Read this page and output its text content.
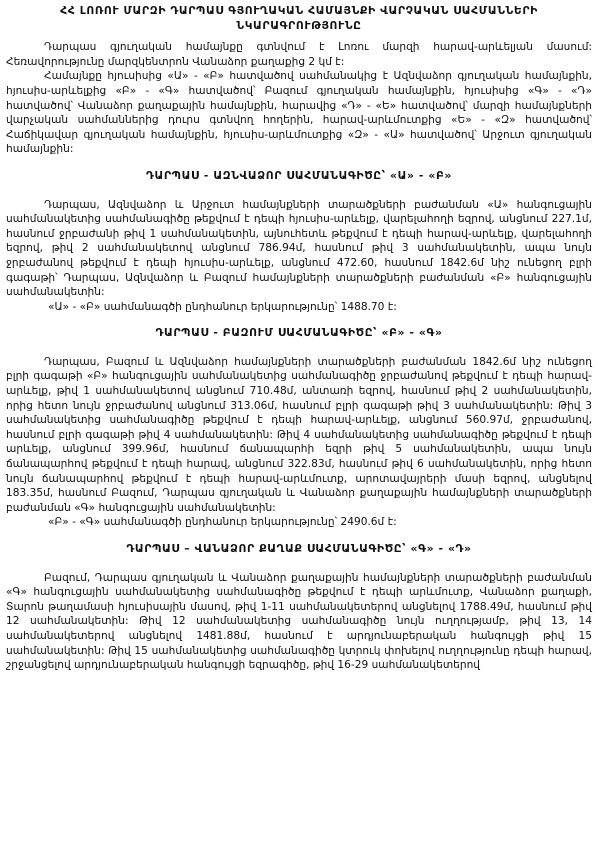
ՀՀ ԼՈՌՈՒ ՄԱՐԶԻ ԴԱՐՊԱՍ ԳՅՈՒՂԱԿԱՆ ՀԱՄԱՅՆՔԻ ՎԱՐՉԱԿԱՆ ՍԱՀՄԱՆՆԵՐԻ

ՆԿԱՐԱԳՐՈՒԹՅՈՒՆԸ

Դարպաս գյուղական համայնքը գտնվում է Լոռու մարզի հարավ-արևելյան մասում: Հեռավորությունը մարզկենտրոն Վանաձոր քաղաքից 2 կմ է:

Համայնքը հյուսիսից «Ա» - «Բ» հատվածով սահմանակից է Ազնվաձոր գյուղական համայնքին, հյուսիս-արևելքից «Բ» - «Գ» հատվածով՝ Բազում գյուղական համայնքին, հյուսիսից «Գ» - «Դ» հատվածով՝ Վանաձոր քաղաքային համայնքին, հարավից «Դ» - «Ե» հատվածով՝ մարզի համայնքների վարչական սահմաններից դուրս գտնվող հողերին, հարավ-արևմուտքից «Ե» - «Զ» հատվածով՝ Հաճիկավար գյուղական համայնքին, հյուսիս-արևմուտքից «Զ» - «Ա» հատվածով՝ Արջուտ գյուղական համայնքին:

ԴԱՐՊԱՍ - ԱԶՆՎԱՁՈՐ ՍԱՀՄԱՆԱԳԻԾԸ՝ «Ա» - «Բ»

Դարպաս, Ազնվաձոր և Արջուտ համայնքների տարածքների բաժանման «Ա» հանգուցային սահմանակետից սահմանագիծը թեքվում է դեպի հյուսիս-արևելք, վարելահողի եզրով, անցնում 227.1մ, հասնում ջրբաժանի թիվ 1 սահմանակետին, այնուհետև թեքվում է դեպի հարավ-արևելք, վարելահողի եզրով, թիվ 2 սահմանակետով անցնում 786.94մ, հասնում թիվ 3 սահմանակետին, ապա նույն ջրբաժանով թեքվում է դեպի հյուսիս-արևելք, անցնում 472.60, հասնում 1842.6մ նիշ ունեցող բլրի գագաթի՝ Դարպաս, Ազնվաձոր և Բազում համայնքների տարածքների բաժանման «Բ» հանգուցային սահմանակետին:

«Ա» - «Բ» սահմանագծի ընդհանուր երկարությունը՝ 1488.70 է:

ԴԱՐՊԱՍ - ԲԱԶՈՒՄ ՍԱՀՄԱՆԱԳԻԾԸ՝ «Բ» - «Գ»

Դարպաս, Բազում և Ազնվաձոր համայնքների տարածքների բաժանման 1842.6մ նիշ ունեցող բլրի գագաթի «Բ» հանգուցային սահմանակետից սահմանագիծը ջրբաժանով թեքվում է դեպի հարավ-արևելք, թիվ 1 սահմանակետով անցնում 710.48մ, անտառի եզրով, հասնում թիվ 2 սահմանակետին, որից հետո նույն ջրբաժանով անցնում 313.06մ, հասնում բլրի գագաթի թիվ 3 սահմանակետին: Թիվ 3 սահմանակետից սահմանագիծը թեքվում է դեպի հարավ-արևելք, անցնում 560.97մ, ջրբաժանով, հասնում բլրի գագաթի թիվ 4 սահմանակետին: Թիվ 4 սահմանակետից սահմանագիծը թեքվում է դեպի արևելք, անցնում 399.96մ, հասնում ճանապարհի եզրի թիվ 5 սահմանակետին, ապա նույն ճանապարհով թեքվում է դեպի հարավ, անցնում 322.83մ, հասնում թիվ 6 սահմանակետին, որից հետո նույն ճանապարհով թեքվում է դեպի հարավ-արևմուտք, արոտավայրերի մասի եզրով, անցնելով 183.35մ, հասնում Բազում, Դարպաս գյուղական և Վանաձոր քաղաքային համայնքների տարածքների բաժանման «Գ» հանգուցային սահմանակետին:

«Բ» - «Գ» սահմանագծի ընդհանուր երկարությունը՝ 2490.6մ է:

ԴԱՐՊԱՍ – ՎԱՆԱՁՈՐ ՔԱՂԱՔ ՍԱՀՄԱՆԱԳԻԾԸ՝ «Գ» - «Դ»

Բազում, Դարպաս գյուղական և Վանաձոր քաղաքային համայնքների տարածքների բաժանման «Գ» հանգուցային սահմանակետից սահմանագիծը թեքվում է դեպի արևմուտք, Վանաձոր քաղաքի, Տարոն թաղամասի հյուսիսային մասով, թիվ 1-11 սահմանակետերով անցնելով 1788.49մ, հասնում թիվ 12 սահմանակետին: Թիվ 12 սահմանակետից սահմանագիծը նույն ուղղությամբ, թիվ 13, 14 սահմանակետերով անցնելով 1481.88մ, հասնում է արդյունաբերական հանգույցի թիվ 15 սահմանակետին: Թիվ 15 սահմանակետից սահմանագիծը կտրուկ փոխելով ուղղությունը դեպի հարավ, շրջանցելով արդյունաբերական հանգույցի եզրագիծը, թիվ 16-29 սահմանակետերով
